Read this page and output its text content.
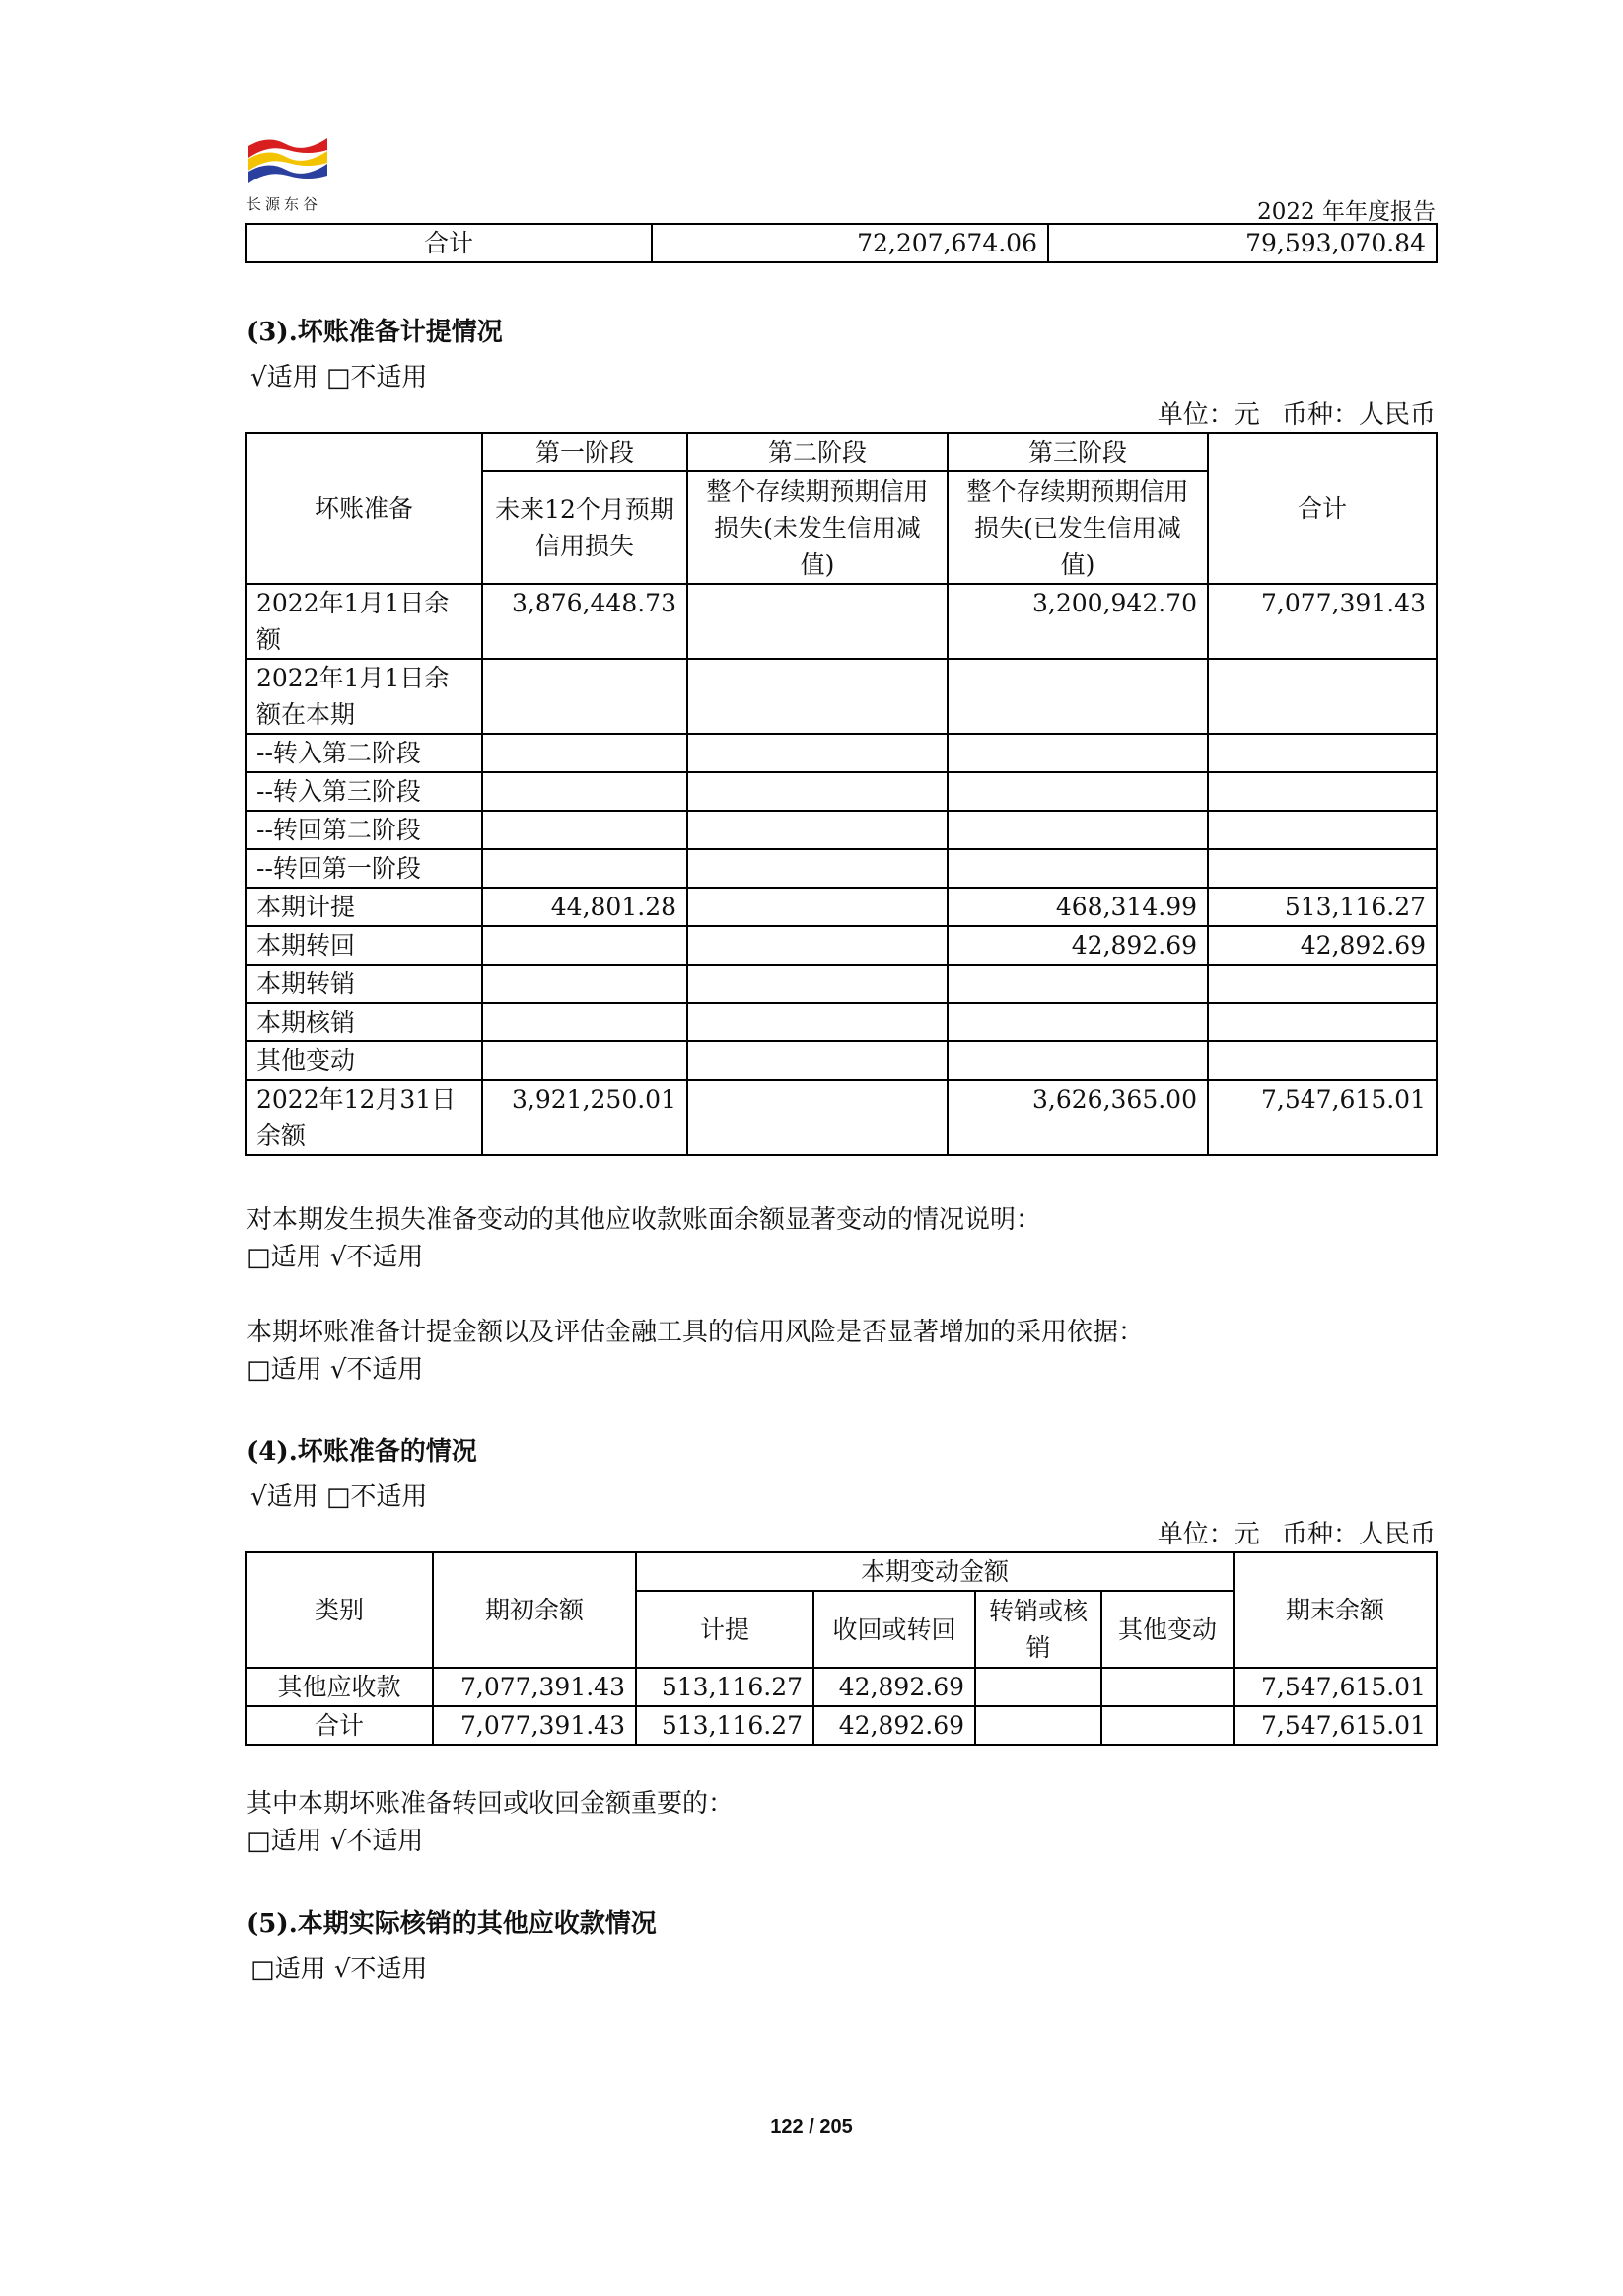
长源东谷	2022 年年度报告
合计	72,207,674.06	79,593,070.84
(3).坏账准备计提情况
√适用 □不适用
单位：元 币种：人民币
坏账准备	第一阶段	第二阶段	第三阶段	合计
	未来12个月预期信用损失	整个存续期预期信用损失(未发生信用减值)	整个存续期预期信用损失(已发生信用减值)	
2022年1月1日余额	3,876,448.73		3,200,942.70	7,077,391.43
2022年1月1日余额在本期				
--转入第二阶段				
--转入第三阶段				
--转回第二阶段				
--转回第一阶段				
本期计提	44,801.28		468,314.99	513,116.27
本期转回			42,892.69	42,892.69
本期转销				
本期核销				
其他变动				
2022年12月31日余额	3,921,250.01		3,626,365.00	7,547,615.01
对本期发生损失准备变动的其他应收款账面余额显著变动的情况说明：
□适用 √不适用
本期坏账准备计提金额以及评估金融工具的信用风险是否显著增加的采用依据：
□适用 √不适用
(4).坏账准备的情况
√适用 □不适用
单位：元 币种：人民币
类别	期初余额	本期变动金额				期末余额
		计提	收回或转回	转销或核销	其他变动	
其他应收款	7,077,391.43	513,116.27	42,892.69			7,547,615.01
合计	7,077,391.43	513,116.27	42,892.69			7,547,615.01
其中本期坏账准备转回或收回金额重要的：
□适用 √不适用
(5).本期实际核销的其他应收款情况
□适用 √不适用
122 / 205
